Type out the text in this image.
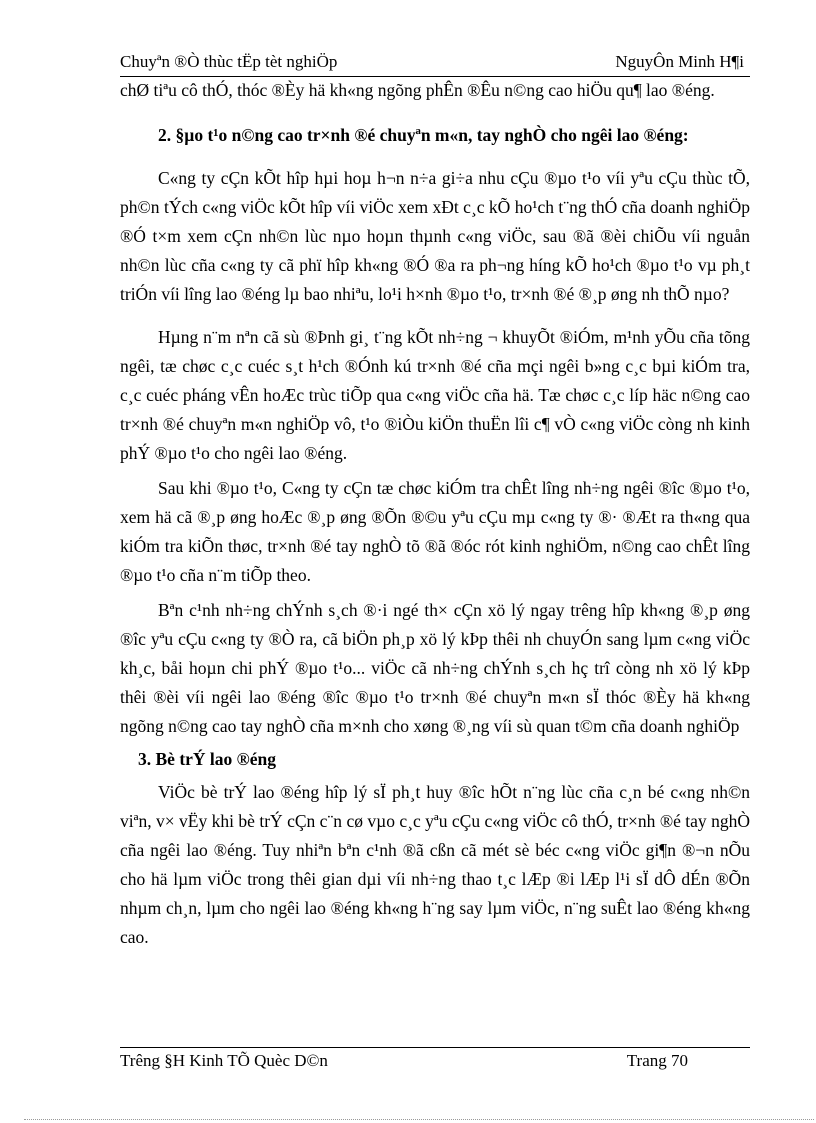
Chuyªn ®Ò thùc tËp tèt nghiÖp	NguyÔn Minh H¶i

chØ tiªu cô thÓ, thóc ®Èy hä kh«ng ngõng phÊn ®Êu n©ng cao hiÖu qu¶ lao ®éng.

2. §µo t¹o n©ng cao tr×nh ®é chuyªn m«n, tay nghÒ cho ngêi lao ®éng:

C«ng ty cÇn kÕt hîp hµi hoµ h¬n n÷a gi÷a nhu cÇu ®µo t¹o víi yªu cÇu thùc tÕ, ph©n tÝch c«ng viÖc kÕt hîp víi viÖc xem xÐt c¸c kÕ ho¹ch t¨ng thÓ cña doanh nghiÖp ®Ó t×m xem cÇn nh©n lùc nµo hoµn thµnh c«ng viÖc, sau ®ã ®èi chiÕu víi nguån nh©n lùc cña c«ng ty cã phï hîp kh«ng ®Ó ®a ra ph¬ng híng kÕ ho¹ch ®µo t¹o vµ ph¸t triÓn víi lîng lao ®éng lµ bao nhiªu, lo¹i h×nh ®µo t¹o, tr×nh ®é ®¸p øng nh thÕ nµo?

Hµng n¨m nªn cã sù ®Þnh gi¸ t¨ng kÕt nh÷ng ¬ khuyÕt ®iÓm, m¹nh yÕu cña tõng ngêi, tæ chøc c¸c cuéc s¸t h¹ch ®Ónh kú tr×nh ®é cña mçi ngêi b»ng c¸c bµi kiÓm tra, c¸c cuéc pháng vÊn hoÆc trùc tiÕp qua c«ng viÖc cña hä. Tæ chøc c¸c líp häc n©ng cao tr×nh ®é chuyªn m«n nghiÖp vô, t¹o ®iÒu kiÖn thuËn lîi c¶ vÒ c«ng viÖc còng nh kinh phÝ ®µo t¹o cho ngêi lao ®éng.

Sau khi ®µo t¹o, C«ng ty cÇn tæ chøc kiÓm tra chÊt lîng nh÷ng ngêi ®îc ®µo t¹o, xem hä cã ®¸p øng hoÆc ®¸p øng ®Õn ®©u yªu cÇu mµ c«ng ty ®· ®Æt ra th«ng qua kiÓm tra kiÕn thøc, tr×nh ®é tay nghÒ tõ ®ã ®óc rót kinh nghiÖm, n©ng cao chÊt lîng ®µo t¹o cña n¨m tiÕp theo.

Bªn c¹nh nh÷ng chÝnh s¸ch ®·i ngé th× cÇn xö lý ngay trêng hîp kh«ng ®¸p øng ®îc yªu cÇu c«ng ty ®Ò ra, cã biÖn ph¸p xö lý kÞp thêi nh chuyÓn sang lµm c«ng viÖc kh¸c, båi hoµn chi phÝ ®µo t¹o... viÖc cã nh÷ng chÝnh s¸ch hç trî còng nh xö lý kÞp thêi ®èi víi ngêi lao ®éng ®îc ®µo t¹o tr×nh ®é chuyªn m«n sÏ thóc ®Èy hä kh«ng ngõng n©ng cao tay nghÒ cña m×nh cho xøng ®¸ng víi sù quan t©m cña doanh nghiÖp

3. Bè trÝ lao ®éng

ViÖc bè trÝ lao ®éng hîp lý sÏ ph¸t huy ®îc hÕt n¨ng lùc cña c¸n bé c«ng nh©n viªn, v× vËy khi bè trÝ cÇn c¨n cø vµo c¸c yªu cÇu c«ng viÖc cô thÓ, tr×nh ®é tay nghÒ cña ngêi lao ®éng. Tuy nhiªn bªn c¹nh ®ã cßn cã mét sè béc c«ng viÖc gi¶n ®¬n nÕu cho hä lµm viÖc trong thêi gian dµi víi nh÷ng thao t¸c lÆp ®i lÆp l¹i sÏ dÔ dÉn ®Õn nhµm ch¸n, lµm cho ngêi lao ®éng kh«ng h¨ng say lµm viÖc, n¨ng suÊt lao ®éng kh«ng cao.

Trêng §H Kinh TÕ Quèc D©n	Trang 70
